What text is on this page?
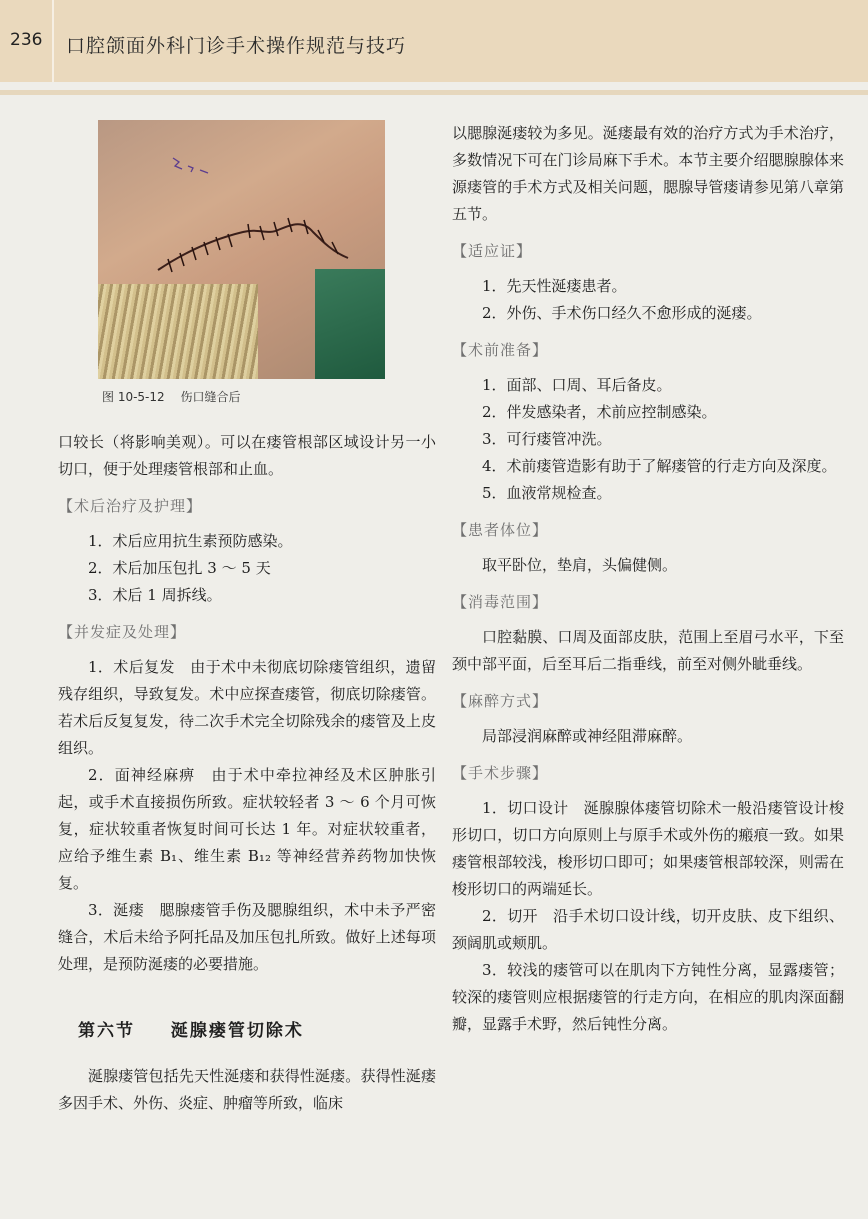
236 口腔颌面外科门诊手术操作规范与技巧
图 10-5-12 伤口缝合后

口较长（将影响美观）。可以在瘘管根部区域设计另一小切口，便于处理瘘管根部和止血。

【术后治疗及护理】

1．术后应用抗生素预防感染。

2．术后加压包扎 3 ～ 5 天

3．术后 1 周拆线。

【并发症及处理】

1．术后复发　由于术中未彻底切除瘘管组织，遗留残存组织，导致复发。术中应探查瘘管，彻底切除瘘管。若术后反复复发，待二次手术完全切除残余的瘘管及上皮组织。

2．面神经麻痹　由于术中牵拉神经及术区肿胀引起，或手术直接损伤所致。症状较轻者 3 ～ 6 个月可恢复，症状较重者恢复时间可长达 1 年。对症状较重者，应给予维生素 B₁、维生素 B₁₂ 等神经营养药物加快恢复。

3．涎瘘　腮腺瘘管手伤及腮腺组织，术中未予严密缝合，术后未给予阿托品及加压包扎所致。做好上述每项处理，是预防涎瘘的必要措施。

第六节 涎腺瘘管切除术

涎腺瘘管包括先天性涎瘘和获得性涎瘘。获得性涎瘘多因手术、外伤、炎症、肿瘤等所致，临床

以腮腺涎瘘较为多见。涎瘘最有效的治疗方式为手术治疗，多数情况下可在门诊局麻下手术。本节主要介绍腮腺腺体来源瘘管的手术方式及相关问题，腮腺导管瘘请参见第八章第五节。

【适应证】

1．先天性涎瘘患者。

2．外伤、手术伤口经久不愈形成的涎瘘。

【术前准备】

1．面部、口周、耳后备皮。

2．伴发感染者，术前应控制感染。

3．可行瘘管冲洗。

4．术前瘘管造影有助于了解瘘管的行走方向及深度。

5．血液常规检查。

【患者体位】

取平卧位，垫肩，头偏健侧。

【消毒范围】

口腔黏膜、口周及面部皮肤，范围上至眉弓水平，下至颈中部平面，后至耳后二指垂线，前至对侧外眦垂线。

【麻醉方式】

局部浸润麻醉或神经阻滞麻醉。

【手术步骤】

1．切口设计　涎腺腺体瘘管切除术一般沿瘘管设计梭形切口，切口方向原则上与原手术或外伤的瘢痕一致。如果瘘管根部较浅，梭形切口即可；如果瘘管根部较深，则需在梭形切口的两端延长。

2．切开　沿手术切口设计线，切开皮肤、皮下组织、颈阔肌或颊肌。

3．较浅的瘘管可以在肌肉下方钝性分离，显露瘘管；较深的瘘管则应根据瘘管的行走方向，在相应的肌肉深面翻瓣，显露手术野，然后钝性分离。
